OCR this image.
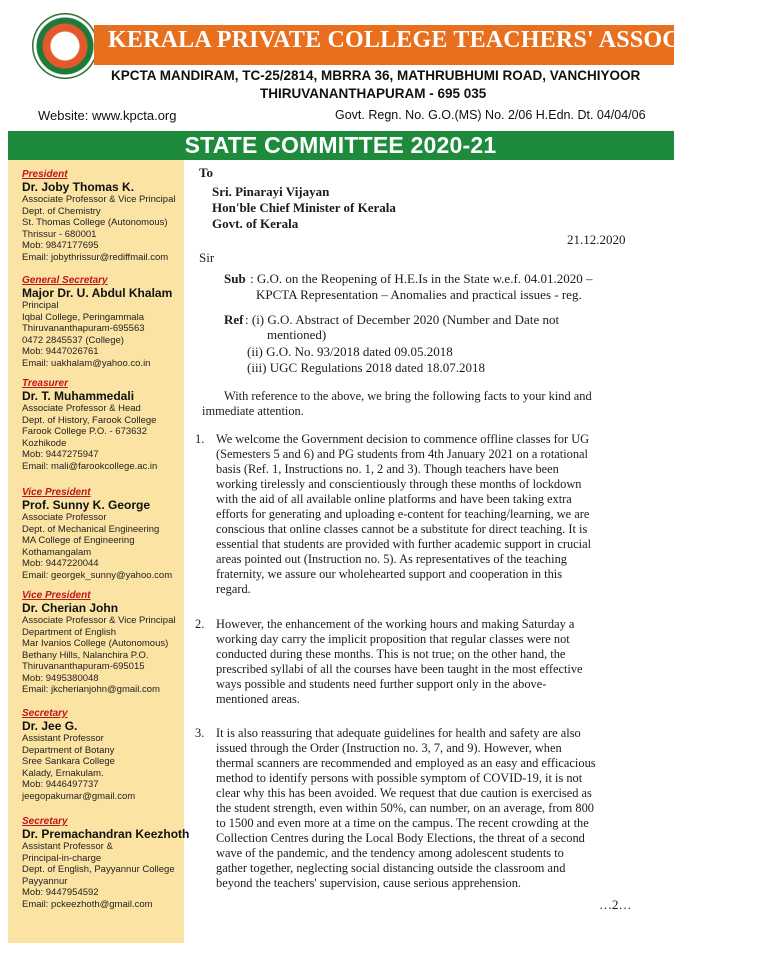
KPCTA	KERALA PRIVATE COLLEGE TEACHERS' ASSOCIATION
KPCTA MANDIRAM, TC-25/2814, MBRRA 36, MATHRUBHUMI ROAD, VANCHIYOOR
THIRUVANANTHAPURAM - 695 035
Website: www.kpcta.org	Govt. Regn. No. G.O.(MS) No. 2/06 H.Edn. Dt. 04/04/06
STATE COMMITTEE 2020-21
President
Dr. Joby Thomas K.
Associate Professor & Vice Principal
Dept. of Chemistry
St. Thomas College (Autonomous)
Thrissur - 680001
Mob: 9847177695
Email: jobythrissur@rediffmail.com
General Secretary
Major Dr. U. Abdul Khalam
Principal
Iqbal College, Peringammala
Thiruvananthapuram-695563
0472 2845537 (College)
Mob: 9447026761
Email: uakhalam@yahoo.co.in
Treasurer
Dr. T. Muhammedali
Associate Professor & Head
Dept. of History, Farook College
Farook College P.O. - 673632
Kozhikode
Mob: 9447275947
Email: mali@farookcollege.ac.in
Vice President
Prof. Sunny K. George
Associate Professor
Dept. of Mechanical Engineering
MA College of Engineering
Kothamangalam
Mob: 9447220044
Email: georgek_sunny@yahoo.com
Vice President
Dr. Cherian John
Associate Professor & Vice Principal
Department of English
Mar Ivanios College (Autonomous)
Bethany Hills, Nalanchira P.O.
Thiruvananthapuram-695015
Mob: 9495380048
Email: jkcherianjohn@gmail.com
Secretary
Dr. Jee G.
Assistant Professor
Department of Botany
Sree Sankara College
Kalady, Ernakulam.
Mob: 9446497737
jeegopakumar@gmail.com
Secretary
Dr. Premachandran Keezhoth
Assistant Professor &
Principal-in-charge
Dept. of English, Payyannur College
Payyannur
Mob: 9447954592
Email: pckeezhoth@gmail.com
To
Sri. Pinarayi Vijayan
Hon'ble Chief Minister of Kerala
Govt. of Kerala
21.12.2020
Sir
Sub : G.O. on the Reopening of H.E.Is in the State w.e.f. 04.01.2020 –
KPCTA Representation – Anomalies and practical issues - reg.
Ref : (i) G.O. Abstract of December 2020 (Number and Date not
mentioned)
(ii) G.O. No. 93/2018 dated 09.05.2018
(iii) UGC Regulations 2018 dated 18.07.2018
With reference to the above, we bring the following facts to your kind and
immediate attention.
1. We welcome the Government decision to commence offline classes for UG
(Semesters 5 and 6) and PG students from 4th January 2021 on a rotational
basis (Ref. 1, Instructions no. 1, 2 and 3). Though teachers have been
working tirelessly and conscientiously through these months of lockdown
with the aid of all available online platforms and have been taking extra
efforts for generating and uploading e-content for teaching/learning, we are
conscious that online classes cannot be a substitute for direct teaching. It is
essential that students are provided with further academic support in crucial
areas pointed out (Instruction no. 5). As representatives of the teaching
fraternity, we assure our wholehearted support and cooperation in this
regard.
2. However, the enhancement of the working hours and making Saturday a
working day carry the implicit proposition that regular classes were not
conducted during these months. This is not true; on the other hand, the
prescribed syllabi of all the courses have been taught in the most effective
ways possible and students need further support only in the above-
mentioned areas.
3. It is also reassuring that adequate guidelines for health and safety are also
issued through the Order (Instruction no. 3, 7, and 9). However, when
thermal scanners are recommended and employed as an easy and efficacious
method to identify persons with possible symptom of COVID-19, it is not
clear why this has been avoided. We request that due caution is exercised as
the student strength, even within 50%, can number, on an average, from 800
to 1500 and even more at a time on the campus. The recent crowding at the
Collection Centres during the Local Body Elections, the threat of a second
wave of the pandemic, and the tendency among adolescent students to
gather together, neglecting social distancing outside the classroom and
beyond the teachers' supervision, cause serious apprehension.
…2…
